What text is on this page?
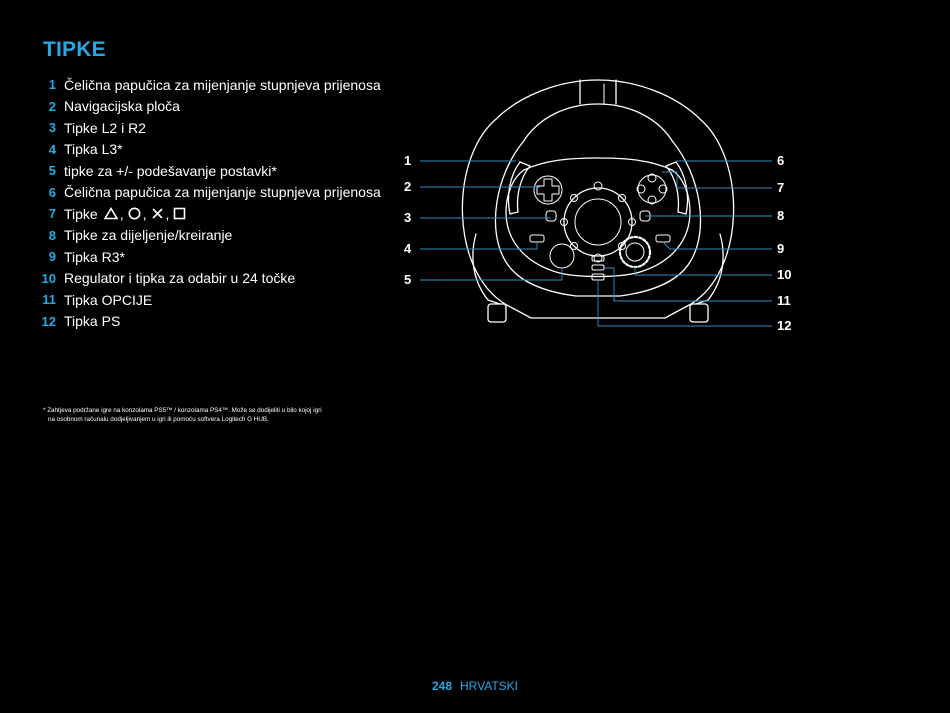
TIPKE
1 Čelična papučica za mijenjanje stupnjeva prijenosa
2 Navigacijska ploča
3 Tipke L2 i R2
4 Tipka L3*
5 tipke za +/- podešavanje postavki*
6 Čelična papučica za mijenjanje stupnjeva prijenosa
7 Tipke , , ,
8 Tipke za dijeljenje/kreiranje
9 Tipka R3*
10 Regulator i tipka za odabir u 24 točke
11 Tipka OPCIJE
12 Tipka PS
* Zahtjeva podržane igre na konzolama PS5™ / konzolama PS4™. Može se dodijeliti u bilo kojoj igri
na osobnom računalu dodjeljivanjem u igri ili pomoću softvera Logitech G HUB.
1
2
3
4
5
6
7
8
9
10
11
12
248 HRVATSKI
